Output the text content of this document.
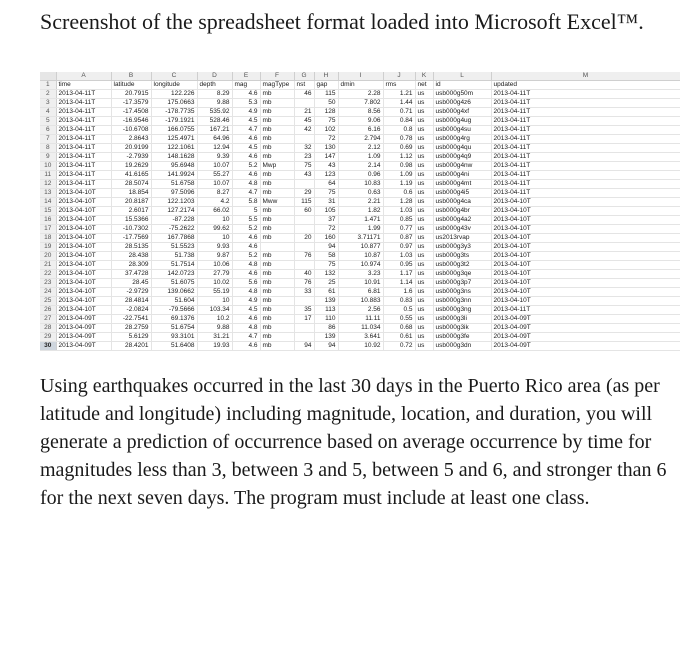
Screenshot of the spreadsheet format loaded into Microsoft Excel™.

	A	B	C	D	E	F	G	H	I	J	K	L	M
1	time	latitude	longitude	depth	mag	magType	nst	gap	dmin	rms	net	id	updated
2	2013-04-11T	20.7915	122.226	8.29	4.6	mb	46	115	2.28	1.21	us	usb000g50m	2013-04-11T
3	2013-04-11T	-17.3579	175.0663	9.88	5.3	mb		50	7.802	1.44	us	usb000g4z6	2013-04-11T
4	2013-04-11T	-17.4508	-178.7735	535.92	4.9	mb	21	128	8.56	0.71	us	usb000g4xf	2013-04-11T
5	2013-04-11T	-16.9546	-179.1921	528.46	4.5	mb	45	75	9.06	0.84	us	usb000g4ug	2013-04-11T
6	2013-04-11T	-10.6708	166.0755	167.21	4.7	mb	42	102	6.16	0.8	us	usb000g4su	2013-04-11T
7	2013-04-11T	2.8643	125.4971	64.96	4.6	mb		72	2.794	0.78	us	usb000g4rg	2013-04-11T
8	2013-04-11T	20.9199	122.1061	12.94	4.5	mb	32	130	2.12	0.69	us	usb000g4qu	2013-04-11T
9	2013-04-11T	-2.7939	148.1628	9.39	4.6	mb	23	147	1.09	1.12	us	usb000g4q9	2013-04-11T
10	2013-04-11T	19.2629	95.6948	10.07	5.2	Mwp	75	43	2.14	0.98	us	usb000g4nw	2013-04-11T
11	2013-04-11T	41.6165	141.9924	55.27	4.6	mb	43	123	0.96	1.09	us	usb000g4ni	2013-04-11T
12	2013-04-11T	28.5074	51.6758	10.07	4.8	mb		64	10.83	1.19	us	usb000g4mt	2013-04-11T
13	2013-04-10T	18.854	97.5096	8.27	4.7	mb	29	75	0.63	0.6	us	usb000g4i5	2013-04-11T
14	2013-04-10T	20.8187	122.1203	4.2	5.8	Mww	115	31	2.21	1.28	us	usb000g4ca	2013-04-10T
15	2013-04-10T	2.6017	127.2174	66.02	5	mb	60	105	1.82	1.03	us	usb000g4br	2013-04-10T
16	2013-04-10T	15.5366	-87.228	10	5.5	mb		37	1.471	0.85	us	usb000g4a2	2013-04-10T
17	2013-04-10T	-10.7302	-75.2622	99.62	5.2	mb		72	1.99	0.77	us	usb000g43v	2013-04-10T
18	2013-04-10T	-17.7569	167.7868	10	4.6	mb	20	160	3.71171	0.87	us	us2013rvap	2013-04-10T
19	2013-04-10T	28.5135	51.5523	9.93	4.6			94	10.877	0.97	us	usb000g3y3	2013-04-10T
20	2013-04-10T	28.438	51.738	9.87	5.2	mb	76	58	10.87	1.03	us	usb000g3ts	2013-04-10T
21	2013-04-10T	28.309	51.7514	10.06	4.8	mb		75	10.974	0.95	us	usb000g3t2	2013-04-10T
22	2013-04-10T	37.4728	142.0723	27.79	4.6	mb	40	132	3.23	1.17	us	usb000g3qe	2013-04-10T
23	2013-04-10T	28.45	51.6075	10.02	5.6	mb	76	25	10.91	1.14	us	usb000g3p7	2013-04-10T
24	2013-04-10T	-2.9729	139.0662	55.19	4.8	mb	33	61	6.81	1.6	us	usb000g3ns	2013-04-10T
25	2013-04-10T	28.4814	51.604	10	4.9	mb		139	10.883	0.83	us	usb000g3nn	2013-04-10T
26	2013-04-10T	-2.0824	-79.5666	103.34	4.5	mb	35	113	2.56	0.5	us	usb000g3ng	2013-04-11T
27	2013-04-09T	-22.7541	69.1376	10.2	4.6	mb	17	110	11.11	0.55	us	usb000g3li	2013-04-09T
28	2013-04-09T	28.2759	51.6754	9.88	4.8	mb		86	11.034	0.68	us	usb000g3ik	2013-04-09T
29	2013-04-09T	5.6129	93.3101	31.21	4.7	mb		139	3.641	0.61	us	usb000g3fe	2013-04-09T
30	2013-04-09T	28.4201	51.6408	19.93	4.6	mb	94	94	10.92	0.72	us	usb000g3dn	2013-04-09T

Using earthquakes occurred in the last 30 days in the Puerto Rico area (as per latitude and longitude) including magnitude, location, and duration, you will generate a prediction of occurrence based on average occurrence by time for magnitudes less than 3, between 3 and 5, between 5 and 6, and stronger than 6 for the next seven days. The program must include at least one class.
